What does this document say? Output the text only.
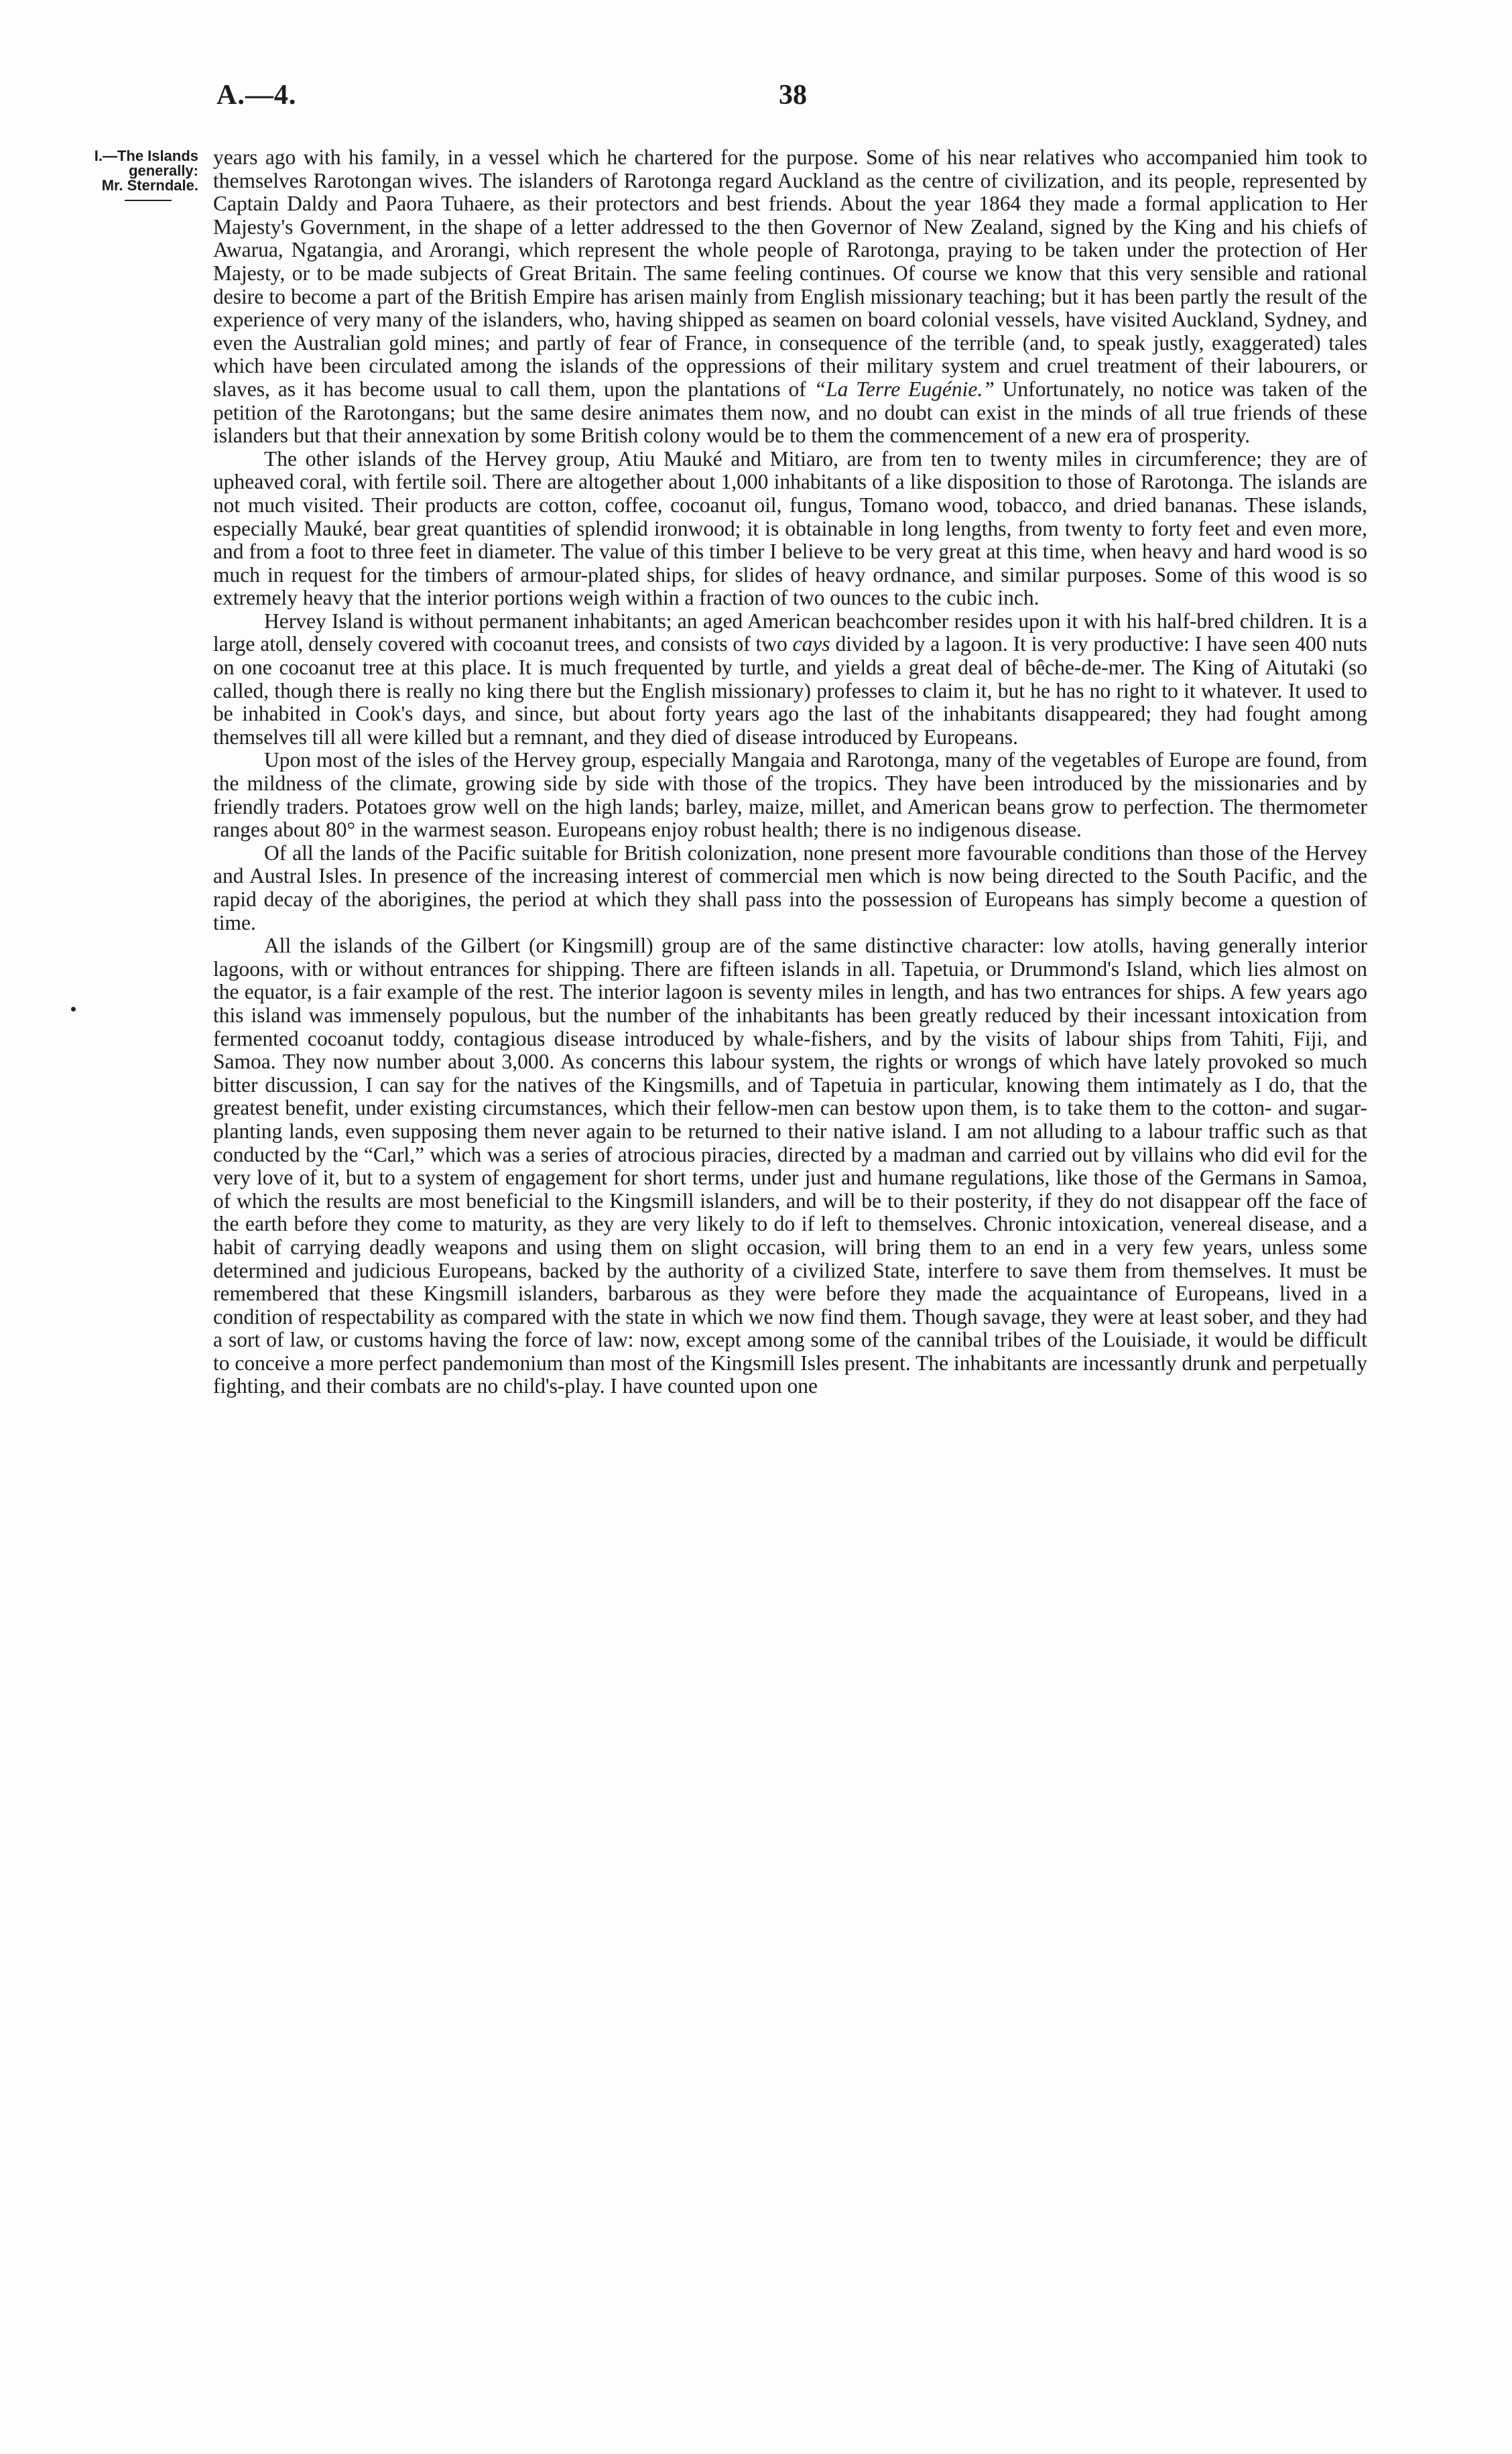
A.—4.	38
I.—The Islands
generally:
Mr. Sterndale.

years ago with his family, in a vessel which he chartered for the purpose. Some of his near relatives who accompanied him took to themselves Rarotongan wives. The islanders of Rarotonga regard Auckland as the centre of civilization, and its people, represented by Captain Daldy and Paora Tuhaere, as their protectors and best friends. About the year 1864 they made a formal application to Her Majesty's Government, in the shape of a letter addressed to the then Governor of New Zealand, signed by the King and his chiefs of Awarua, Ngatangia, and Arorangi, which represent the whole people of Rarotonga, praying to be taken under the protection of Her Majesty, or to be made subjects of Great Britain. The same feeling continues. Of course we know that this very sensible and rational desire to become a part of the British Empire has arisen mainly from English missionary teaching; but it has been partly the result of the experience of very many of the islanders, who, having shipped as seamen on board colonial vessels, have visited Auckland, Sydney, and even the Australian gold mines; and partly of fear of France, in consequence of the terrible (and, to speak justly, exaggerated) tales which have been circulated among the islands of the oppressions of their military system and cruel treatment of their labourers, or slaves, as it has become usual to call them, upon the plantations of “La Terre Eugénie.” Unfortunately, no notice was taken of the petition of the Rarotongans; but the same desire animates them now, and no doubt can exist in the minds of all true friends of these islanders but that their annexation by some British colony would be to them the commencement of a new era of prosperity.

The other islands of the Hervey group, Atiu Mauké and Mitiaro, are from ten to twenty miles in circumference; they are of upheaved coral, with fertile soil. There are altogether about 1,000 inhabitants of a like disposition to those of Rarotonga. The islands are not much visited. Their products are cotton, coffee, cocoanut oil, fungus, Tomano wood, tobacco, and dried bananas. These islands, especially Mauké, bear great quantities of splendid ironwood; it is obtainable in long lengths, from twenty to forty feet and even more, and from a foot to three feet in diameter. The value of this timber I believe to be very great at this time, when heavy and hard wood is so much in request for the timbers of armour-plated ships, for slides of heavy ordnance, and similar purposes. Some of this wood is so extremely heavy that the interior portions weigh within a fraction of two ounces to the cubic inch.

Hervey Island is without permanent inhabitants; an aged American beachcomber resides upon it with his half-bred children. It is a large atoll, densely covered with cocoanut trees, and consists of two cays divided by a lagoon. It is very productive: I have seen 400 nuts on one cocoanut tree at this place. It is much frequented by turtle, and yields a great deal of bêche-de-mer. The King of Aitutaki (so called, though there is really no king there but the English missionary) professes to claim it, but he has no right to it whatever. It used to be inhabited in Cook's days, and since, but about forty years ago the last of the inhabitants disappeared; they had fought among themselves till all were killed but a remnant, and they died of disease introduced by Europeans.

Upon most of the isles of the Hervey group, especially Mangaia and Rarotonga, many of the vegetables of Europe are found, from the mildness of the climate, growing side by side with those of the tropics. They have been introduced by the missionaries and by friendly traders. Potatoes grow well on the high lands; barley, maize, millet, and American beans grow to perfection. The thermometer ranges about 80° in the warmest season. Europeans enjoy robust health; there is no indigenous disease.

Of all the lands of the Pacific suitable for British colonization, none present more favourable conditions than those of the Hervey and Austral Isles. In presence of the increasing interest of commercial men which is now being directed to the South Pacific, and the rapid decay of the aborigines, the period at which they shall pass into the possession of Europeans has simply become a question of time.

All the islands of the Gilbert (or Kingsmill) group are of the same distinctive character: low atolls, having generally interior lagoons, with or without entrances for shipping. There are fifteen islands in all. Tapetuia, or Drummond's Island, which lies almost on the equator, is a fair example of the rest. The interior lagoon is seventy miles in length, and has two entrances for ships. A few years ago this island was immensely populous, but the number of the inhabitants has been greatly reduced by their incessant intoxication from fermented cocoanut toddy, contagious disease introduced by whale-fishers, and by the visits of labour ships from Tahiti, Fiji, and Samoa. They now number about 3,000. As concerns this labour system, the rights or wrongs of which have lately provoked so much bitter discussion, I can say for the natives of the Kingsmills, and of Tapetuia in particular, knowing them intimately as I do, that the greatest benefit, under existing circumstances, which their fellow-men can bestow upon them, is to take them to the cotton- and sugar-planting lands, even supposing them never again to be returned to their native island. I am not alluding to a labour traffic such as that conducted by the “Carl,” which was a series of atrocious piracies, directed by a madman and carried out by villains who did evil for the very love of it, but to a system of engagement for short terms, under just and humane regulations, like those of the Germans in Samoa, of which the results are most beneficial to the Kingsmill islanders, and will be to their posterity, if they do not disappear off the face of the earth before they come to maturity, as they are very likely to do if left to themselves. Chronic intoxication, venereal disease, and a habit of carrying deadly weapons and using them on slight occasion, will bring them to an end in a very few years, unless some determined and judicious Europeans, backed by the authority of a civilized State, interfere to save them from themselves. It must be remembered that these Kingsmill islanders, barbarous as they were before they made the acquaintance of Europeans, lived in a condition of respectability as compared with the state in which we now find them. Though savage, they were at least sober, and they had a sort of law, or customs having the force of law: now, except among some of the cannibal tribes of the Louisiade, it would be difficult to conceive a more perfect pandemonium than most of the Kingsmill Isles present. The inhabitants are incessantly drunk and perpetually fighting, and their combats are no child's-play. I have counted upon one
